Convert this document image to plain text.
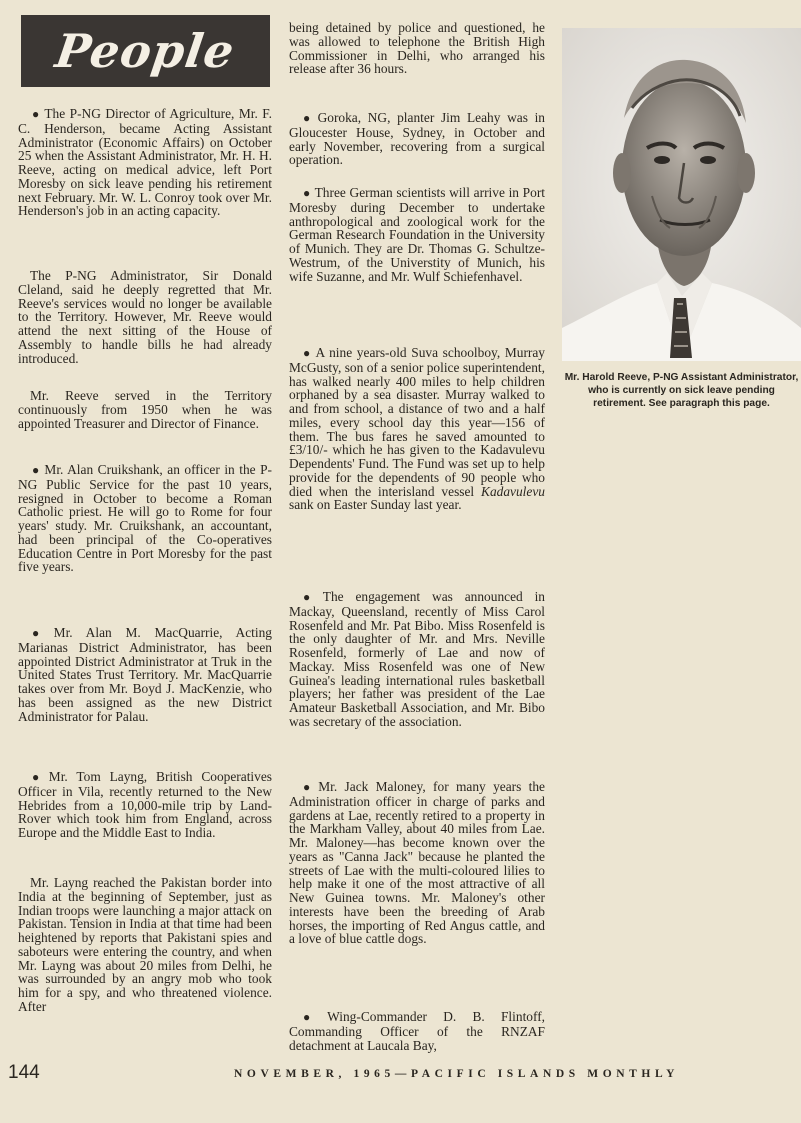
People

● The P-NG Director of Agriculture, Mr. F. C. Henderson, became Acting Assistant Administrator (Economic Affairs) on October 25 when the Assistant Administrator, Mr. H. H. Reeve, acting on medical advice, left Port Moresby on sick leave pending his retirement next February. Mr. W. L. Conroy took over Mr. Henderson's job in an acting capacity.

The P-NG Administrator, Sir Donald Cleland, said he deeply regretted that Mr. Reeve's services would no longer be available to the Territory. However, Mr. Reeve would attend the next sitting of the House of Assembly to handle bills he had already introduced.

Mr. Reeve served in the Territory continuously from 1950 when he was appointed Treasurer and Director of Finance.

● Mr. Alan Cruikshank, an officer in the P-NG Public Service for the past 10 years, resigned in October to become a Roman Catholic priest. He will go to Rome for four years' study. Mr. Cruikshank, an accountant, had been principal of the Co-operatives Education Centre in Port Moresby for the past five years.

● Mr. Alan M. MacQuarrie, Acting Marianas District Administrator, has been appointed District Administrator at Truk in the United States Trust Territory. Mr. MacQuarrie takes over from Mr. Boyd J. MacKenzie, who has been assigned as the new District Administrator for Palau.

● Mr. Tom Layng, British Cooperatives Officer in Vila, recently returned to the New Hebrides from a 10,000-mile trip by Land-Rover which took him from England, across Europe and the Middle East to India.

Mr. Layng reached the Pakistan border into India at the beginning of September, just as Indian troops were launching a major attack on Pakistan. Tension in India at that time had been heightened by reports that Pakistani spies and saboteurs were entering the country, and when Mr. Layng was about 20 miles from Delhi, he was surrounded by an angry mob who took him for a spy, and who threatened violence. After

being detained by police and questioned, he was allowed to telephone the British High Commissioner in Delhi, who arranged his release after 36 hours.

● Goroka, NG, planter Jim Leahy was in Gloucester House, Sydney, in October and early November, recovering from a surgical operation.

● Three German scientists will arrive in Port Moresby during December to undertake anthropological and zoological work for the German Research Foundation in the University of Munich. They are Dr. Thomas G. Schultze-Westrum, of the Universtity of Munich, his wife Suzanne, and Mr. Wulf Schiefenhavel.

● A nine years-old Suva schoolboy, Murray McGusty, son of a senior police superintendent, has walked nearly 400 miles to help children orphaned by a sea disaster. Murray walked to and from school, a distance of two and a half miles, every school day this year—156 of them. The bus fares he saved amounted to £3/10/- which he has given to the Kadavulevu Dependents' Fund. The Fund was set up to help provide for the dependents of 90 people who died when the interisland vessel Kadavulevu sank on Easter Sunday last year.

● The engagement was announced in Mackay, Queensland, recently of Miss Carol Rosenfeld and Mr. Pat Bibo. Miss Rosenfeld is the only daughter of Mr. and Mrs. Neville Rosenfeld, formerly of Lae and now of Mackay. Miss Rosenfeld was one of New Guinea's leading international rules basketball players; her father was president of the Lae Amateur Basketball Association, and Mr. Bibo was secretary of the association.

● Mr. Jack Maloney, for many years the Administration officer in charge of parks and gardens at Lae, recently retired to a property in the Markham Valley, about 40 miles from Lae. Mr. Maloney—has become known over the years as "Canna Jack" because he planted the streets of Lae with the multi-coloured lilies to help make it one of the most attractive of all New Guinea towns. Mr. Maloney's other interests have been the breeding of Arab horses, the importing of Red Angus cattle, and a love of blue cattle dogs.

● Wing-Commander D. B. Flintoff, Commanding Officer of the RNZAF detachment at Laucala Bay,

Mr. Harold Reeve, P-NG Assistant Administrator, who is currently on sick leave pending retirement. See paragraph this page.

144	NOVEMBER, 1965—PACIFIC ISLANDS MONTHLY
